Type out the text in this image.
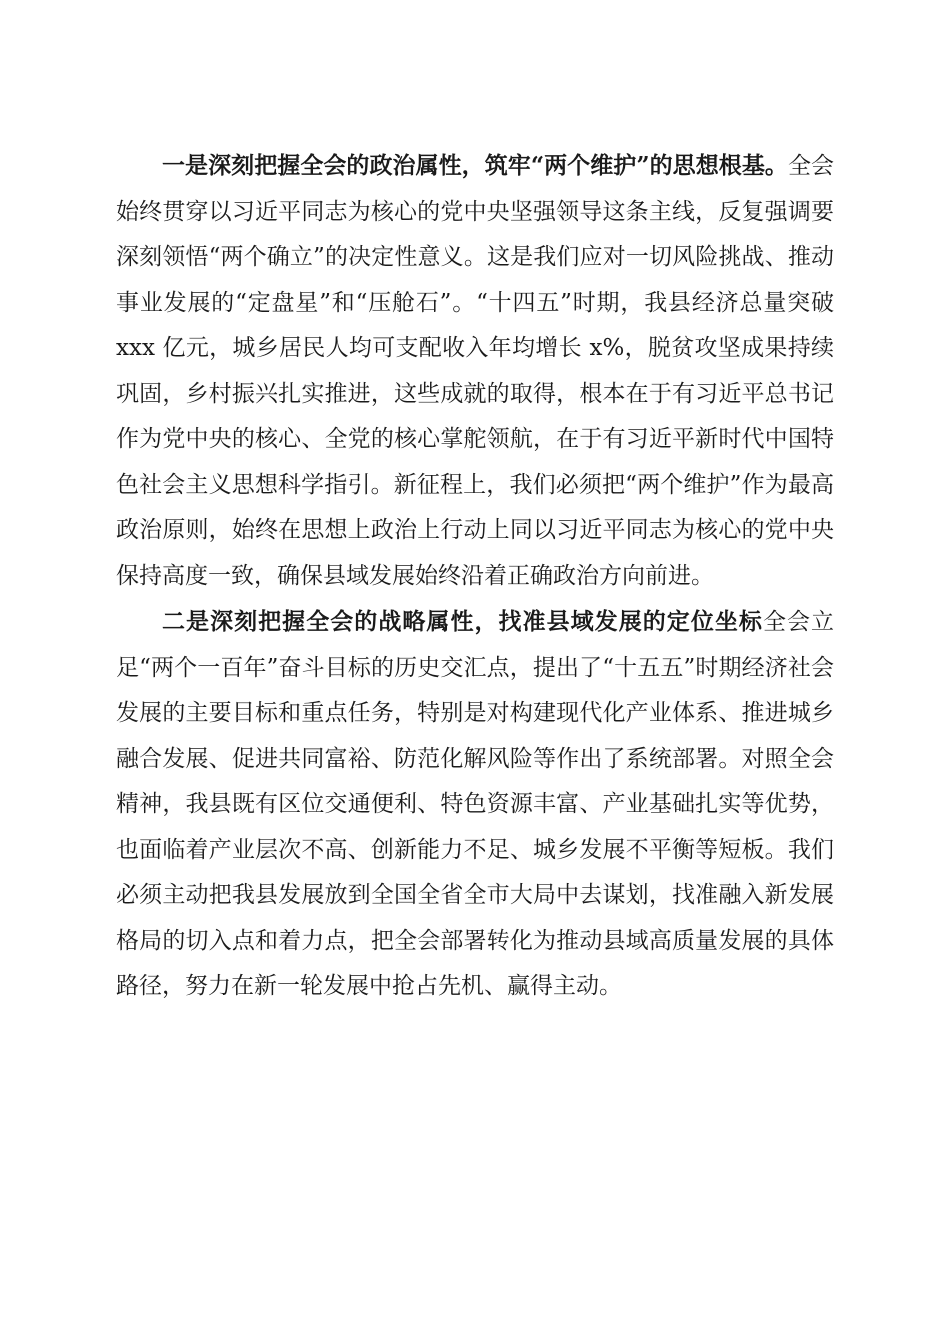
一是深刻把握全会的政治属性，筑牢“两个维护”的思想根基。全会始终贯穿以习近平同志为核心的党中央坚强领导这条主线，反复强调要深刻领悟“两个确立”的决定性意义。这是我们应对一切风险挑战、推动事业发展的“定盘星”和“压舱石”。“十四五”时期，我县经济总量突破 xxx 亿元，城乡居民人均可支配收入年均增长 x%，脱贫攻坚成果持续巩固，乡村振兴扎实推进，这些成就的取得，根本在于有习近平总书记作为党中央的核心、全党的核心掌舵领航，在于有习近平新时代中国特色社会主义思想科学指引。新征程上，我们必须把“两个维护”作为最高政治原则，始终在思想上政治上行动上同以习近平同志为核心的党中央保持高度一致，确保县域发展始终沿着正确政治方向前进。

二是深刻把握全会的战略属性，找准县域发展的定位坐标全会立足“两个一百年”奋斗目标的历史交汇点，提出了“十五五”时期经济社会发展的主要目标和重点任务，特别是对构建现代化产业体系、推进城乡融合发展、促进共同富裕、防范化解风险等作出了系统部署。对照全会精神，我县既有区位交通便利、特色资源丰富、产业基础扎实等优势，也面临着产业层次不高、创新能力不足、城乡发展不平衡等短板。我们必须主动把我县发展放到全国全省全市大局中去谋划，找准融入新发展格局的切入点和着力点，把全会部署转化为推动县域高质量发展的具体路径，努力在新一轮发展中抢占先机、赢得主动。
